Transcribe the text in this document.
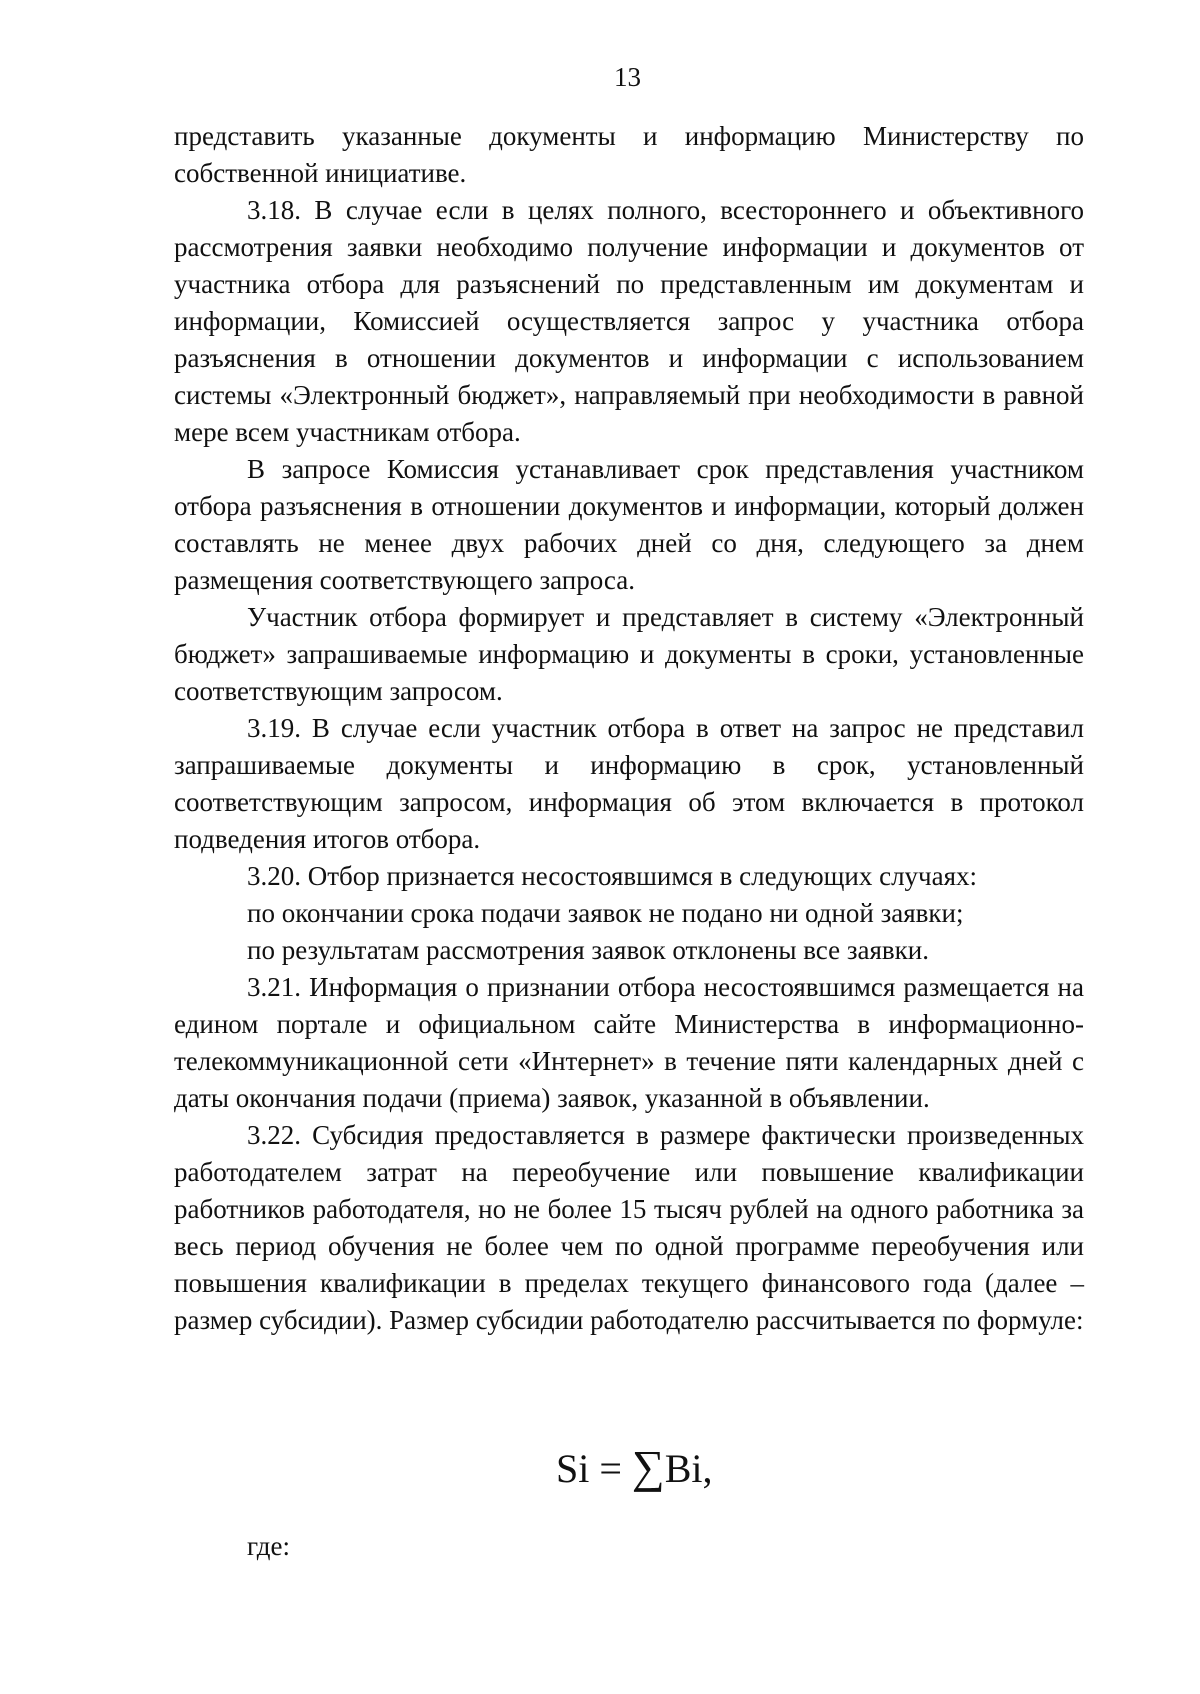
13

представить указанные документы и информацию Министерству по собственной инициативе.

3.18. В случае если в целях полного, всестороннего и объективного рассмотрения заявки необходимо получение информации и документов от участника отбора для разъяснений по представленным им документам и информации, Комиссией осуществляется запрос у участника отбора разъяснения в отношении документов и информации с использованием системы «Электронный бюджет», направляемый при необходимости в равной мере всем участникам отбора.

В запросе Комиссия устанавливает срок представления участником отбора разъяснения в отношении документов и информации, который должен составлять не менее двух рабочих дней со дня, следующего за днем размещения соответствующего запроса.

Участник отбора формирует и представляет в систему «Электронный бюджет» запрашиваемые информацию и документы в сроки, установленные соответствующим запросом.

3.19. В случае если участник отбора в ответ на запрос не представил запрашиваемые документы и информацию в срок, установленный соответствующим запросом, информация об этом включается в протокол подведения итогов отбора.

3.20. Отбор признается несостоявшимся в следующих случаях:

по окончании срока подачи заявок не подано ни одной заявки;

по результатам рассмотрения заявок отклонены все заявки.

3.21. Информация о признании отбора несостоявшимся размещается на едином портале и официальном сайте Министерства в информационно-телекоммуникационной сети «Интернет» в течение пяти календарных дней с даты окончания подачи (приема) заявок, указанной в объявлении.

3.22. Субсидия предоставляется в размере фактически произведенных работодателем затрат на переобучение или повышение квалификации работников работодателя, но не более 15 тысяч рублей на одного работника за весь период обучения не более чем по одной программе переобучения или повышения квалификации в пределах текущего финансового года (далее – размер субсидии). Размер субсидии работодателю рассчитывается по формуле:

Si = ∑Bi,
где:
